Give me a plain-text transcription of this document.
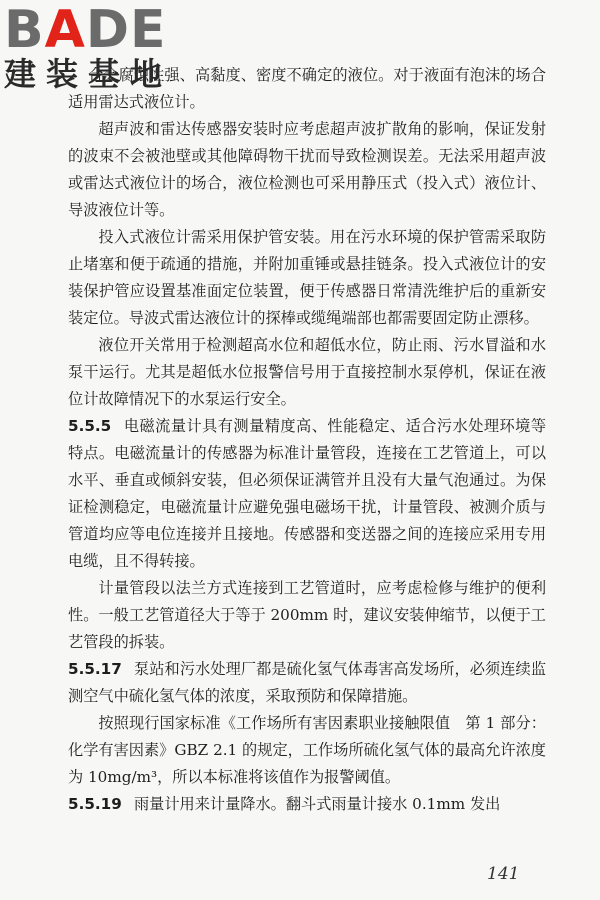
BADE
建装基地

合会腐蚀性强、高黏度、密度不确定的液位。对于液面有泡沫的场合适用雷达式液位计。

超声波和雷达传感器安装时应考虑超声波扩散角的影响，保证发射的波束不会被池壁或其他障碍物干扰而导致检测误差。无法采用超声波或雷达式液位计的场合，液位检测也可采用静压式（投入式）液位计、导波液位计等。

投入式液位计需采用保护管安装。用在污水环境的保护管需采取防止堵塞和便于疏通的措施，并附加重锤或悬挂链条。投入式液位计的安装保护管应设置基准面定位装置，便于传感器日常清洗维护后的重新安装定位。导波式雷达液位计的探棒或缆绳端部也都需要固定防止漂移。

液位开关常用于检测超高水位和超低水位，防止雨、污水冒溢和水泵干运行。尤其是超低水位报警信号用于直接控制水泵停机，保证在液位计故障情况下的水泵运行安全。

5.5.5 电磁流量计具有测量精度高、性能稳定、适合污水处理环境等特点。电磁流量计的传感器为标准计量管段，连接在工艺管道上，可以水平、垂直或倾斜安装，但必须保证满管并且没有大量气泡通过。为保证检测稳定，电磁流量计应避免强电磁场干扰，计量管段、被测介质与管道均应等电位连接并且接地。传感器和变送器之间的连接应采用专用电缆，且不得转接。

计量管段以法兰方式连接到工艺管道时，应考虑检修与维护的便利性。一般工艺管道径大于等于 200mm 时，建议安装伸缩节，以便于工艺管段的拆装。

5.5.17 泵站和污水处理厂都是硫化氢气体毒害高发场所，必须连续监测空气中硫化氢气体的浓度，采取预防和保障措施。

按照现行国家标准《工作场所有害因素职业接触限值　第 1 部分：化学有害因素》GBZ 2.1 的规定，工作场所硫化氢气体的最高允许浓度为 10mg/m³，所以本标准将该值作为报警阈值。

5.5.19 雨量计用来计量降水。翻斗式雨量计接水 0.1mm 发出

141
